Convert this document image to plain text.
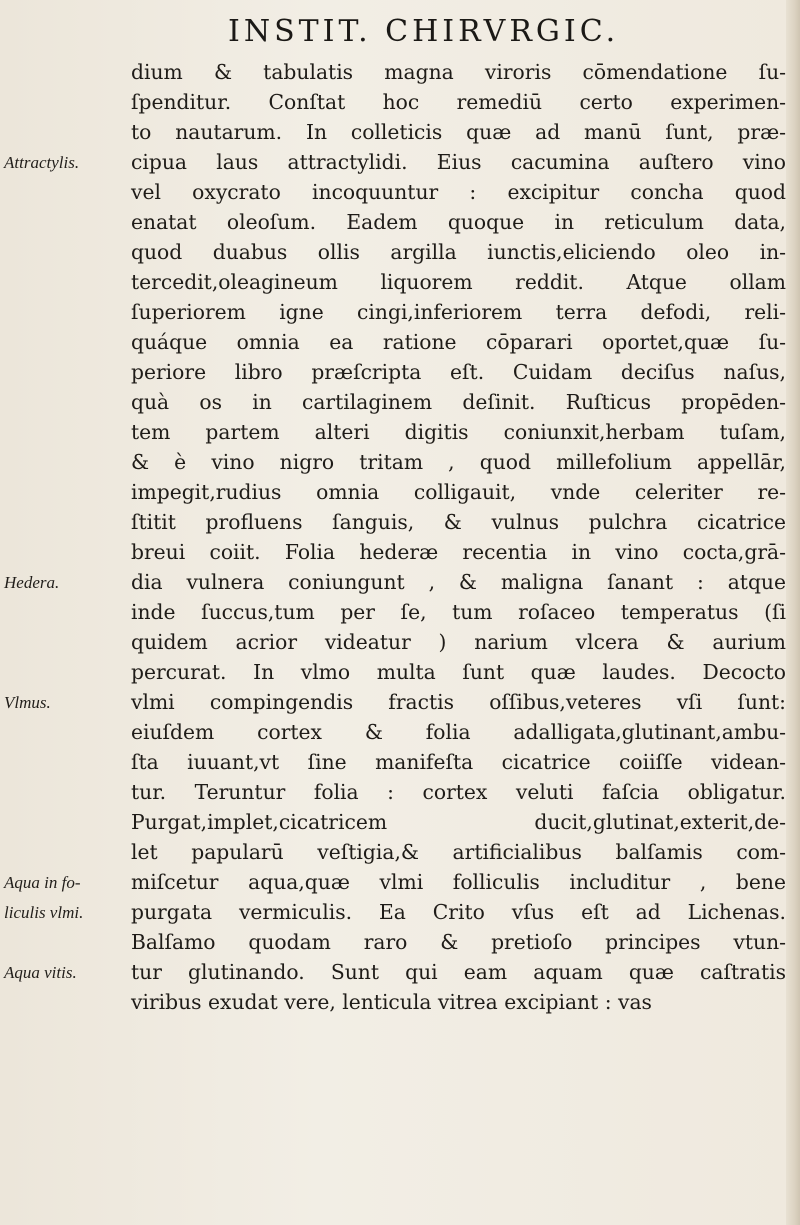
INSTIT. CHIRVRGIC.
dium & tabulatis magna viroris cōmendatione ſu-
ſpenditur. Conſtat hoc remediū certo experimen-
to nautarum. In colleticis quæ ad manū ſunt, præ-
cipua laus attractylidi. Eius cacumina auſtero vino
vel oxycrato incoquuntur : excipitur concha quod
enatat oleoſum. Eadem quoque in reticulum data,
quod duabus ollis argilla iunctis,eliciendo oleo in-
tercedit,oleagineum liquorem reddit. Atque ollam
ſuperiorem igne cingi,inferiorem terra defodi, reli-
quáque omnia ea ratione cōparari oportet,quæ ſu-
periore libro præſcripta eſt. Cuidam deciſus naſus,
quà os in cartilaginem deſinit. Ruſticus propēden-
tem partem alteri digitis coniunxit,herbam tuſam,
& è vino nigro tritam , quod millefolium appellār,
impegit,rudius omnia colligauit, vnde celeriter re-
ſtitit profluens ſanguis, & vulnus pulchra cicatrice
breui coiit. Folia hederæ recentia in vino cocta,grā-
dia vulnera coniungunt , & maligna ſanant : atque
inde ſuccus,tum per ſe, tum roſaceo temperatus (ſi
quidem acrior videatur ) narium vlcera & aurium
percurat. In vlmo multa ſunt quæ laudes. Decocto
vlmi compingendis fractis oſſibus,veteres vſi ſunt:
eiuſdem cortex & folia adalligata,glutinant,ambu-
ſta iuuant,vt ſine manifeſta cicatrice coiiſſe videan-
tur. Teruntur folia : cortex veluti faſcia obligatur.
Purgat,implet,cicatricem ducit,glutinat,exterit,de-
let papularū veſtigia,& artificialibus balſamis com-
miſcetur aqua,quæ vlmi folliculis includitur , bene
purgata vermiculis. Ea Crito vſus eſt ad Lichenas.
Balſamo quodam raro & pretioſo principes vtun-
tur glutinando. Sunt qui eam aquam quæ caſtratis
viribus exudat vere, lenticula vitrea excipiant : vas
Attractylis.
Hedera.
Vlmus.
Aqua in fo-
liculis vlmi.
Aqua vitis.
